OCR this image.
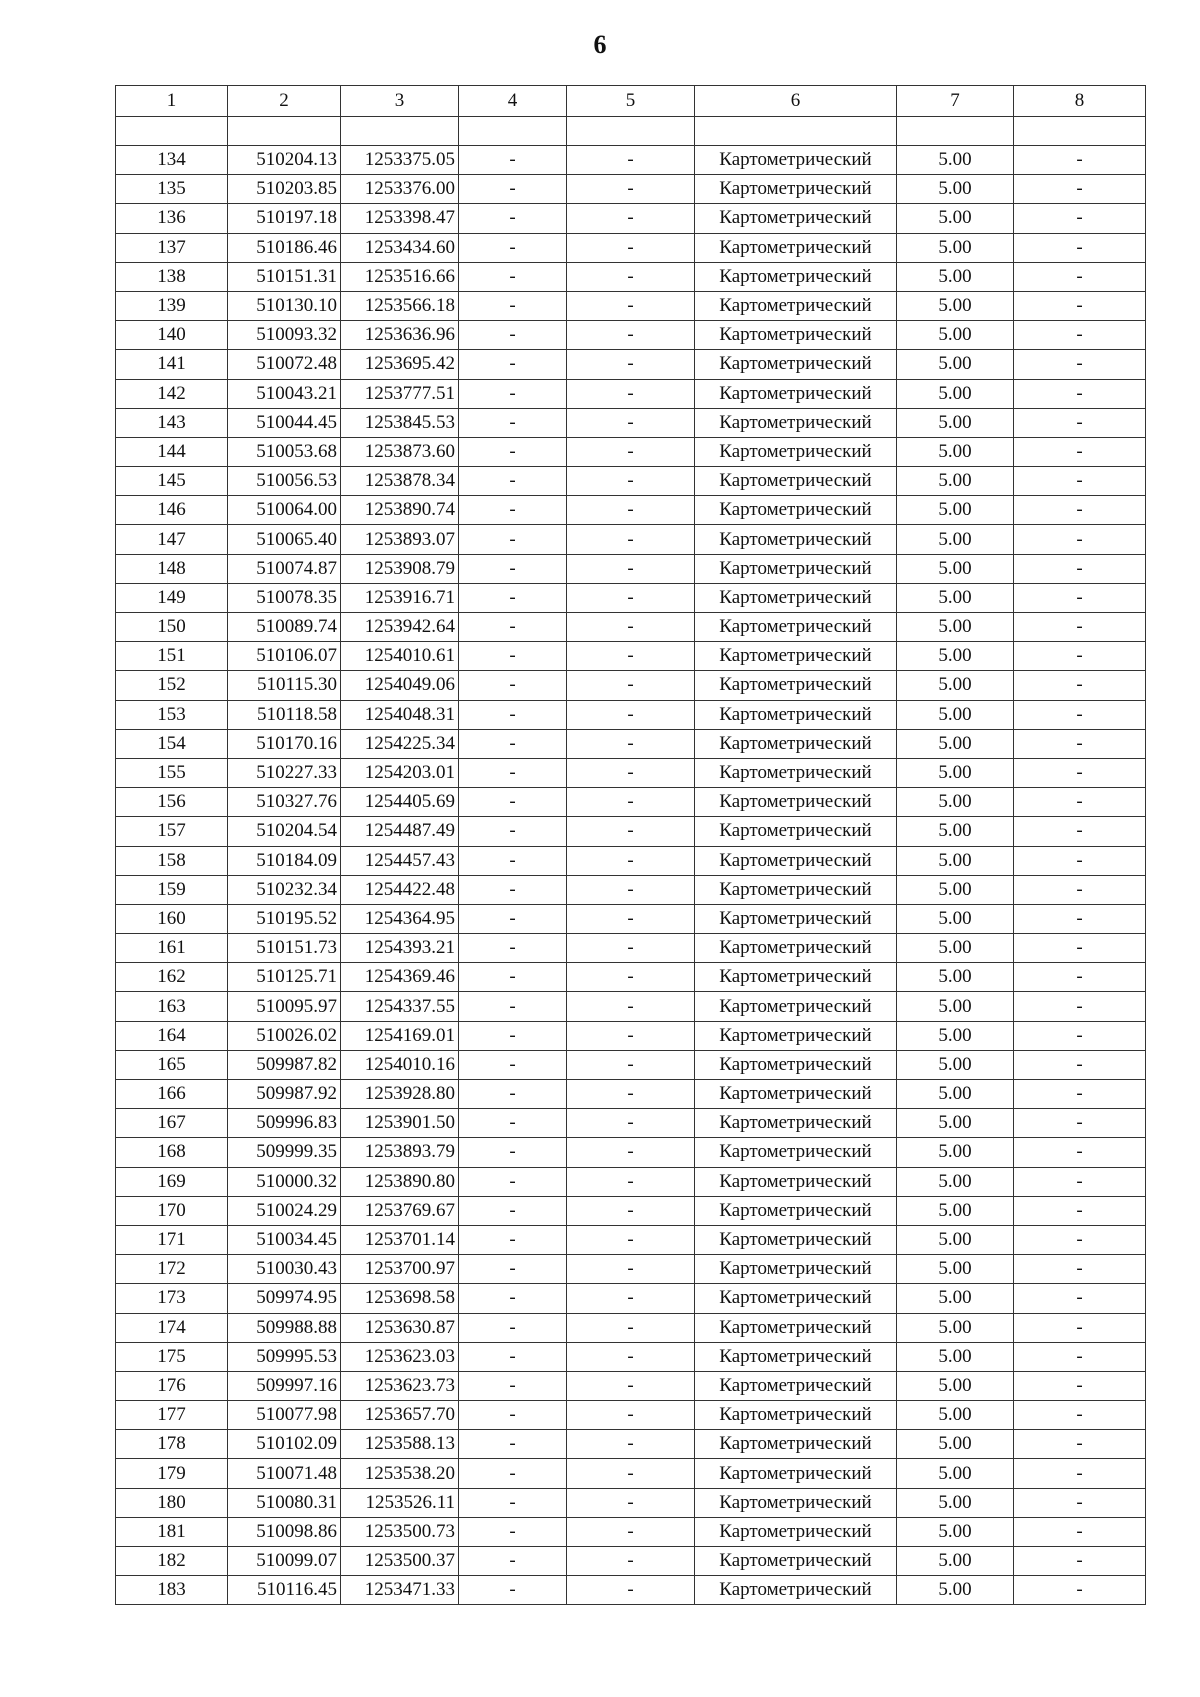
6
1	2	3	4	5	6	7	8

134	510204.13	1253375.05	-	-	Картометрический	5.00	-
135	510203.85	1253376.00	-	-	Картометрический	5.00	-
136	510197.18	1253398.47	-	-	Картометрический	5.00	-
137	510186.46	1253434.60	-	-	Картометрический	5.00	-
138	510151.31	1253516.66	-	-	Картометрический	5.00	-
139	510130.10	1253566.18	-	-	Картометрический	5.00	-
140	510093.32	1253636.96	-	-	Картометрический	5.00	-
141	510072.48	1253695.42	-	-	Картометрический	5.00	-
142	510043.21	1253777.51	-	-	Картометрический	5.00	-
143	510044.45	1253845.53	-	-	Картометрический	5.00	-
144	510053.68	1253873.60	-	-	Картометрический	5.00	-
145	510056.53	1253878.34	-	-	Картометрический	5.00	-
146	510064.00	1253890.74	-	-	Картометрический	5.00	-
147	510065.40	1253893.07	-	-	Картометрический	5.00	-
148	510074.87	1253908.79	-	-	Картометрический	5.00	-
149	510078.35	1253916.71	-	-	Картометрический	5.00	-
150	510089.74	1253942.64	-	-	Картометрический	5.00	-
151	510106.07	1254010.61	-	-	Картометрический	5.00	-
152	510115.30	1254049.06	-	-	Картометрический	5.00	-
153	510118.58	1254048.31	-	-	Картометрический	5.00	-
154	510170.16	1254225.34	-	-	Картометрический	5.00	-
155	510227.33	1254203.01	-	-	Картометрический	5.00	-
156	510327.76	1254405.69	-	-	Картометрический	5.00	-
157	510204.54	1254487.49	-	-	Картометрический	5.00	-
158	510184.09	1254457.43	-	-	Картометрический	5.00	-
159	510232.34	1254422.48	-	-	Картометрический	5.00	-
160	510195.52	1254364.95	-	-	Картометрический	5.00	-
161	510151.73	1254393.21	-	-	Картометрический	5.00	-
162	510125.71	1254369.46	-	-	Картометрический	5.00	-
163	510095.97	1254337.55	-	-	Картометрический	5.00	-
164	510026.02	1254169.01	-	-	Картометрический	5.00	-
165	509987.82	1254010.16	-	-	Картометрический	5.00	-
166	509987.92	1253928.80	-	-	Картометрический	5.00	-
167	509996.83	1253901.50	-	-	Картометрический	5.00	-
168	509999.35	1253893.79	-	-	Картометрический	5.00	-
169	510000.32	1253890.80	-	-	Картометрический	5.00	-
170	510024.29	1253769.67	-	-	Картометрический	5.00	-
171	510034.45	1253701.14	-	-	Картометрический	5.00	-
172	510030.43	1253700.97	-	-	Картометрический	5.00	-
173	509974.95	1253698.58	-	-	Картометрический	5.00	-
174	509988.88	1253630.87	-	-	Картометрический	5.00	-
175	509995.53	1253623.03	-	-	Картометрический	5.00	-
176	509997.16	1253623.73	-	-	Картометрический	5.00	-
177	510077.98	1253657.70	-	-	Картометрический	5.00	-
178	510102.09	1253588.13	-	-	Картометрический	5.00	-
179	510071.48	1253538.20	-	-	Картометрический	5.00	-
180	510080.31	1253526.11	-	-	Картометрический	5.00	-
181	510098.86	1253500.73	-	-	Картометрический	5.00	-
182	510099.07	1253500.37	-	-	Картометрический	5.00	-
183	510116.45	1253471.33	-	-	Картометрический	5.00	-
